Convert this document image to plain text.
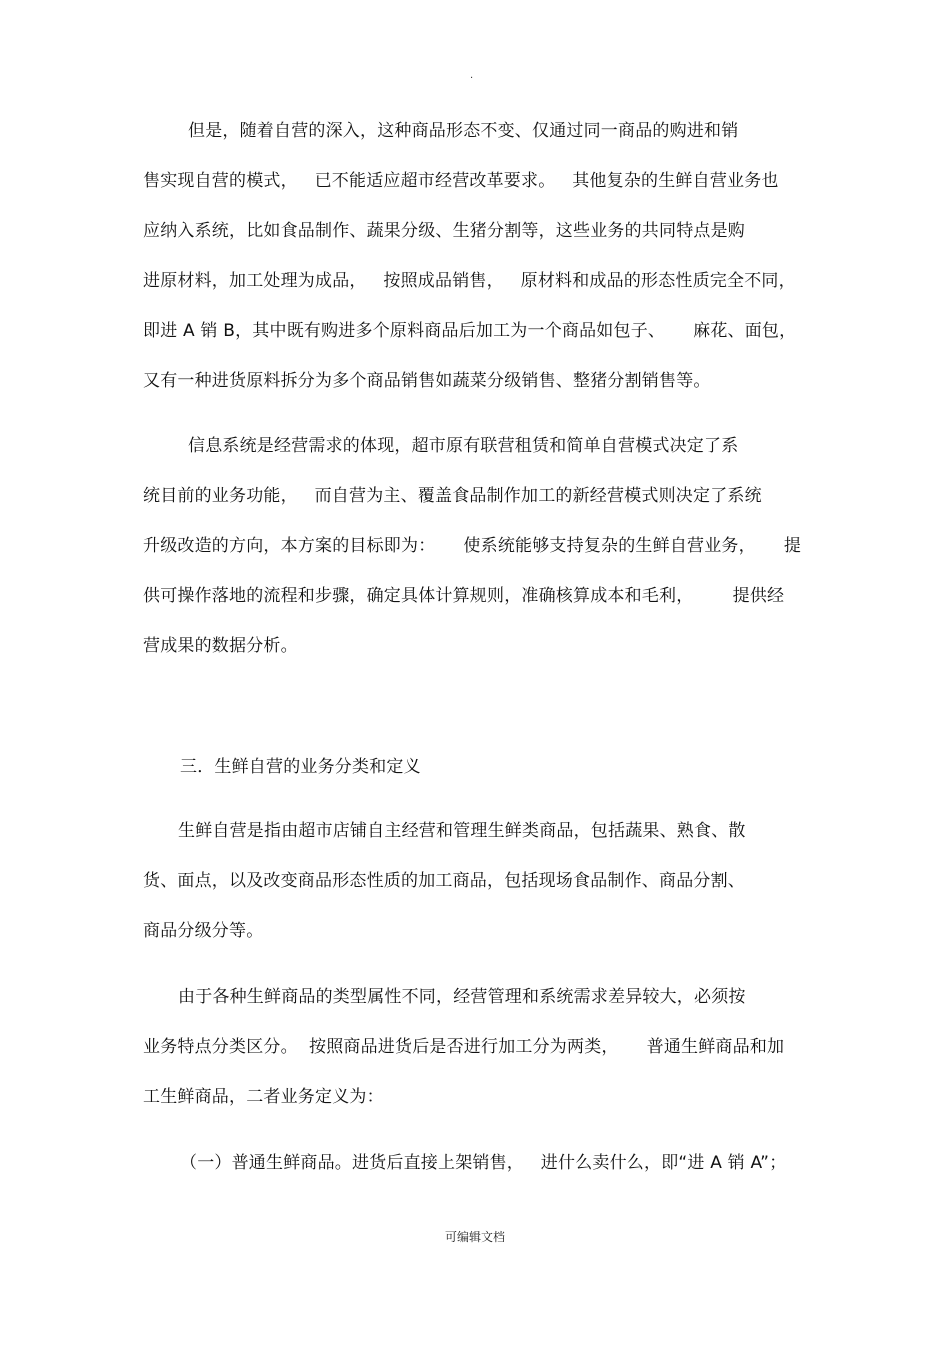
.
但是，随着自营的深入，这种商品形态不变、仅通过同一商品的购进和销
售实现自营的模式，   已不能适应超市经营改革要求。   其他复杂的生鲜自营业务也
应纳入系统，比如食品制作、蔬果分级、生猪分割等，这些业务的共同特点是购
进原材料，加工处理为成品，   按照成品销售，   原材料和成品的形态性质完全不同，
即进 A 销 B，其中既有购进多个原料商品后加工为一个商品如包子、     麻花、面包，
又有一种进货原料拆分为多个商品销售如蔬菜分级销售、整猪分割销售等。
信息系统是经营需求的体现，超市原有联营租赁和简单自营模式决定了系
统目前的业务功能，   而自营为主、覆盖食品制作加工的新经营模式则决定了系统
升级改造的方向，本方案的目标即为：     使系统能够支持复杂的生鲜自营业务，     提
供可操作落地的流程和步骤，确定具体计算规则，准确核算成本和毛利，       提供经
营成果的数据分析。
三．生鲜自营的业务分类和定义
生鲜自营是指由超市店铺自主经营和管理生鲜类商品，包括蔬果、熟食、散
货、面点，以及改变商品形态性质的加工商品，包括现场食品制作、商品分割、
商品分级分等。
由于各种生鲜商品的类型属性不同，经营管理和系统需求差异较大，必须按
业务特点分类区分。  按照商品进货后是否进行加工分为两类，     普通生鲜商品和加
工生鲜商品，二者业务定义为：
（一）普通生鲜商品。进货后直接上架销售，   进什么卖什么，即“进 A 销 A”；
可编辑文档
